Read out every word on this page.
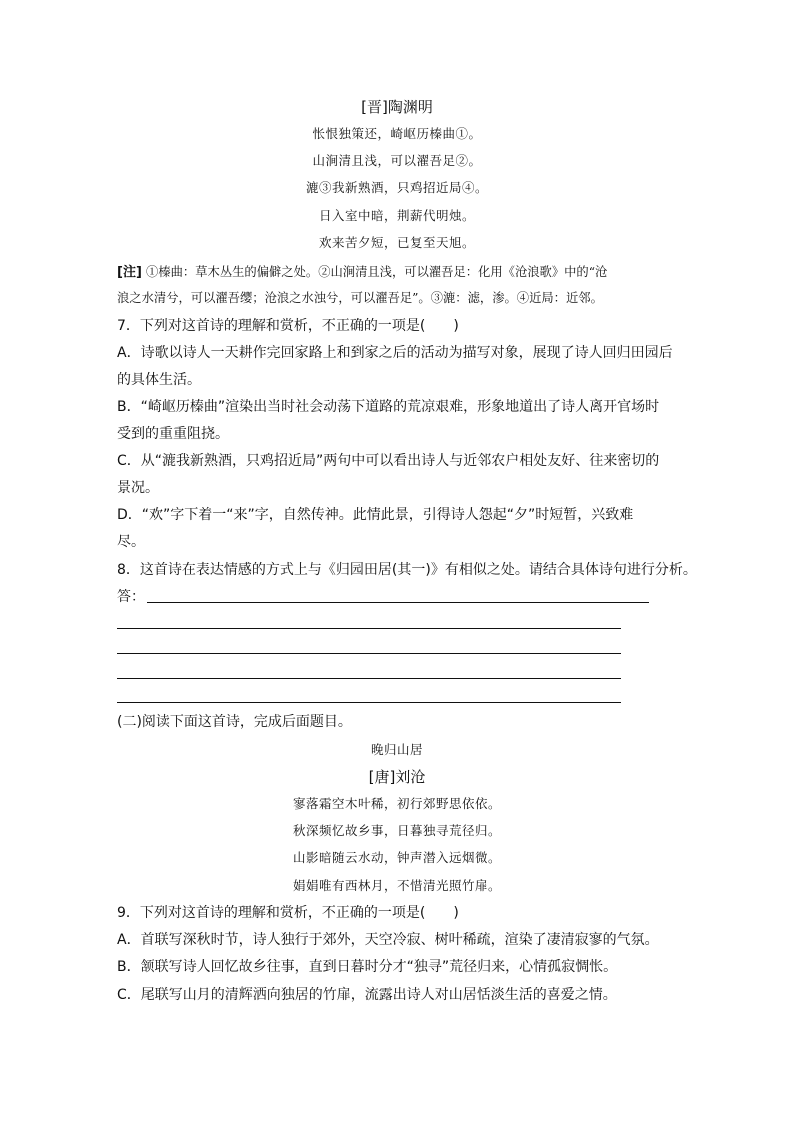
[晋]陶渊明
怅恨独策还，崎岖历榛曲①。
山涧清且浅，可以濯吾足②。
漉③我新熟酒，只鸡招近局④。
日入室中暗，荆薪代明烛。
欢来苦夕短，已复至天旭。
[注] ①榛曲：草木丛生的偏僻之处。②山涧清且浅，可以濯吾足：化用《沧浪歌》中的“沧
浪之水清兮，可以濯吾缨；沧浪之水浊兮，可以濯吾足”。③漉：滤，渗。④近局：近邻。
7．下列对这首诗的理解和赏析，不正确的一项是(　　)
A．诗歌以诗人一天耕作完回家路上和到家之后的活动为描写对象，展现了诗人回归田园后
的具体生活。
B．“崎岖历榛曲”渲染出当时社会动荡下道路的荒凉艰难，形象地道出了诗人离开官场时
受到的重重阻挠。
C．从“漉我新熟酒，只鸡招近局”两句中可以看出诗人与近邻农户相处友好、往来密切的
景况。
D．“欢”字下着一“来”字，自然传神。此情此景，引得诗人怨起“夕”时短暂，兴致难
尽。
8．这首诗在表达情感的方式上与《归园田居(其一)》有相似之处。请结合具体诗句进行分析。
答：
(二)阅读下面这首诗，完成后面题目。
晚归山居
[唐]刘沧
寥落霜空木叶稀，初行郊野思依依。
秋深频忆故乡事，日暮独寻荒径归。
山影暗随云水动，钟声潜入远烟微。
娟娟唯有西林月，不惜清光照竹扉。
9．下列对这首诗的理解和赏析，不正确的一项是(　　)
A．首联写深秋时节，诗人独行于郊外，天空冷寂、树叶稀疏，渲染了凄清寂寥的气氛。
B．颔联写诗人回忆故乡往事，直到日暮时分才“独寻”荒径归来，心情孤寂惆怅。
C．尾联写山月的清辉洒向独居的竹扉，流露出诗人对山居恬淡生活的喜爱之情。
